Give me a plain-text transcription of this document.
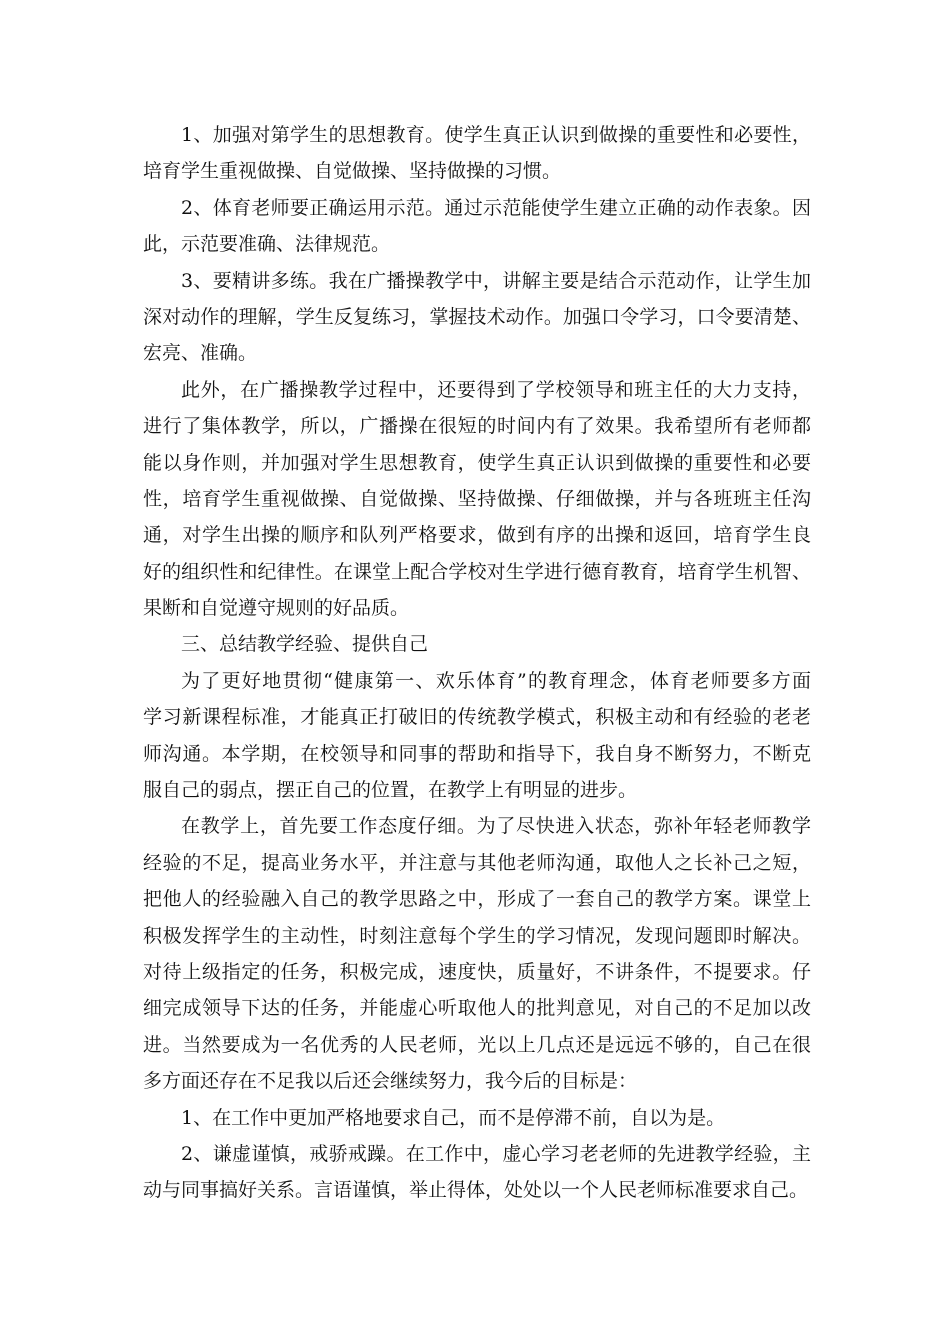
1、加强对第学生的思想教育。使学生真正认识到做操的重要性和必要性，
培育学生重视做操、自觉做操、坚持做操的习惯。
2、体育老师要正确运用示范。通过示范能使学生建立正确的动作表象。因
此，示范要准确、法律规范。
3、要精讲多练。我在广播操教学中，讲解主要是结合示范动作，让学生加
深对动作的理解，学生反复练习，掌握技术动作。加强口令学习，口令要清楚、
宏亮、准确。
此外，在广播操教学过程中，还要得到了学校领导和班主任的大力支持，
进行了集体教学，所以，广播操在很短的时间内有了效果。我希望所有老师都
能以身作则，并加强对学生思想教育，使学生真正认识到做操的重要性和必要
性，培育学生重视做操、自觉做操、坚持做操、仔细做操，并与各班班主任沟
通，对学生出操的顺序和队列严格要求，做到有序的出操和返回，培育学生良
好的组织性和纪律性。在课堂上配合学校对生学进行德育教育，培育学生机智、
果断和自觉遵守规则的好品质。
三、总结教学经验、提供自己
为了更好地贯彻“健康第一、欢乐体育”的教育理念，体育老师要多方面
学习新课程标准，才能真正打破旧的传统教学模式，积极主动和有经验的老老
师沟通。本学期，在校领导和同事的帮助和指导下，我自身不断努力，不断克
服自己的弱点，摆正自己的位置，在教学上有明显的进步。
在教学上，首先要工作态度仔细。为了尽快进入状态，弥补年轻老师教学
经验的不足，提高业务水平，并注意与其他老师沟通，取他人之长补己之短，
把他人的经验融入自己的教学思路之中，形成了一套自己的教学方案。课堂上
积极发挥学生的主动性，时刻注意每个学生的学习情况，发现问题即时解决。
对待上级指定的任务，积极完成，速度快，质量好，不讲条件，不提要求。仔
细完成领导下达的任务，并能虚心听取他人的批判意见，对自己的不足加以改
进。当然要成为一名优秀的人民老师，光以上几点还是远远不够的，自己在很
多方面还存在不足我以后还会继续努力，我今后的目标是：
1、在工作中更加严格地要求自己，而不是停滞不前，自以为是。
2、谦虚谨慎，戒骄戒躁。在工作中，虚心学习老老师的先进教学经验，主
动与同事搞好关系。言语谨慎，举止得体，处处以一个人民老师标准要求自己。
